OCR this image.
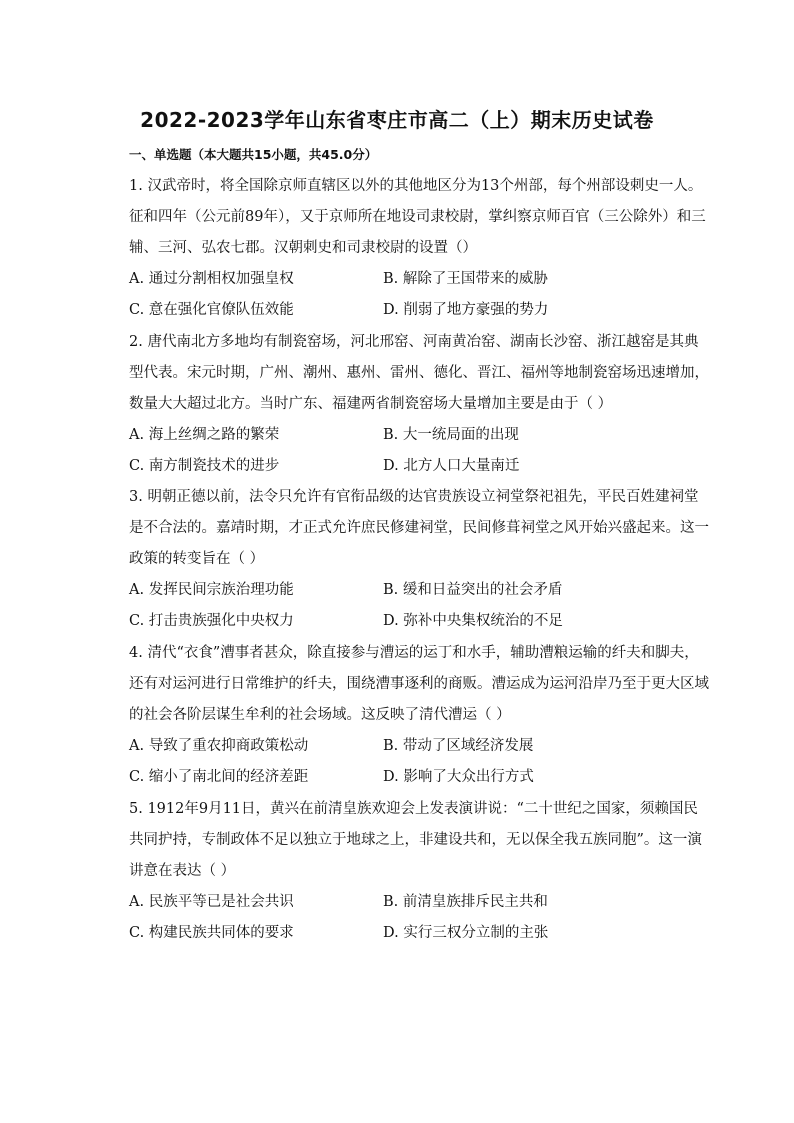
2022-2023学年山东省枣庄市高二（上）期末历史试卷
一、单选题（本大题共15小题，共45.0分）
1. 汉武帝时，将全国除京师直辖区以外的其他地区分为13个州部，每个州部设刺史一人。
征和四年（公元前89年），又于京师所在地设司隶校尉，掌纠察京师百官（三公除外）和三
辅、三河、弘农七郡。汉朝刺史和司隶校尉的设置（）
A. 通过分割相权加强皇权	B. 解除了王国带来的威胁
C. 意在强化官僚队伍效能	D. 削弱了地方豪强的势力
2. 唐代南北方多地均有制瓷窑场，河北邢窑、河南黄冶窑、湖南长沙窑、浙江越窑是其典
型代表。宋元时期，广州、潮州、惠州、雷州、德化、晋江、福州等地制瓷窑场迅速增加，
数量大大超过北方。当时广东、福建两省制瓷窑场大量增加主要是由于（ ）
A. 海上丝绸之路的繁荣	B. 大一统局面的出现
C. 南方制瓷技术的进步	D. 北方人口大量南迁
3. 明朝正德以前，法令只允许有官衔品级的达官贵族设立祠堂祭祀祖先，平民百姓建祠堂
是不合法的。嘉靖时期，才正式允许庶民修建祠堂，民间修葺祠堂之风开始兴盛起来。这一
政策的转变旨在（ ）
A. 发挥民间宗族治理功能	B. 缓和日益突出的社会矛盾
C. 打击贵族强化中央权力	D. 弥补中央集权统治的不足
4. 清代“衣食”漕事者甚众，除直接参与漕运的运丁和水手，辅助漕粮运输的纤夫和脚夫，
还有对运河进行日常维护的纤夫，围绕漕事逐利的商贩。漕运成为运河沿岸乃至于更大区域
的社会各阶层谋生牟利的社会场域。这反映了清代漕运（ ）
A. 导致了重农抑商政策松动	B. 带动了区域经济发展
C. 缩小了南北间的经济差距	D. 影响了大众出行方式
5. 1912年9月11日，黄兴在前清皇族欢迎会上发表演讲说：“二十世纪之国家，须赖国民
共同护持，专制政体不足以独立于地球之上，非建设共和，无以保全我五族同胞”。这一演
讲意在表达（ ）
A. 民族平等已是社会共识	B. 前清皇族排斥民主共和
C. 构建民族共同体的要求	D. 实行三权分立制的主张
